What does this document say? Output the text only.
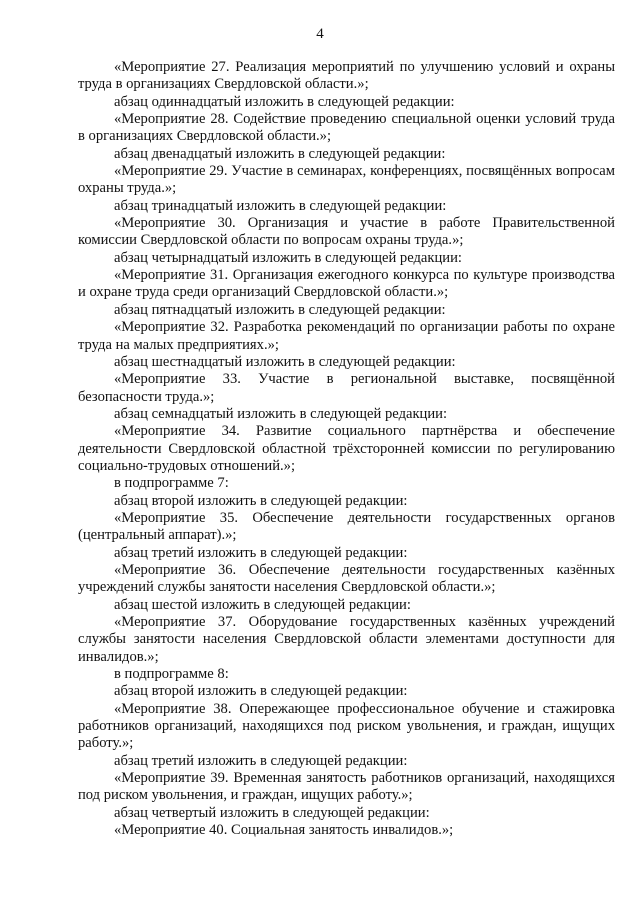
4

«Мероприятие 27. Реализация мероприятий по улучшению условий и охраны труда в организациях Свердловской области.»;

абзац одиннадцатый изложить в следующей редакции:

«Мероприятие 28. Содействие проведению специальной оценки условий труда в организациях Свердловской области.»;

абзац двенадцатый изложить в следующей редакции:

«Мероприятие 29. Участие в семинарах, конференциях, посвящённых вопросам охраны труда.»;

абзац тринадцатый изложить в следующей редакции:

«Мероприятие 30. Организация и участие в работе Правительственной комиссии Свердловской области по вопросам охраны труда.»;

абзац четырнадцатый изложить в следующей редакции:

«Мероприятие 31. Организация ежегодного конкурса по культуре производства и охране труда среди организаций Свердловской области.»;

абзац пятнадцатый изложить в следующей редакции:

«Мероприятие 32. Разработка рекомендаций по организации работы по охране труда на малых предприятиях.»;

абзац шестнадцатый изложить в следующей редакции:

«Мероприятие 33. Участие в региональной выставке, посвящённой безопасности труда.»;

абзац семнадцатый изложить в следующей редакции:

«Мероприятие 34. Развитие социального партнёрства и обеспечение деятельности Свердловской областной трёхсторонней комиссии по регулированию социально-трудовых отношений.»;

в подпрограмме 7:

абзац второй изложить в следующей редакции:

«Мероприятие 35. Обеспечение деятельности государственных органов (центральный аппарат).»;

абзац третий изложить в следующей редакции:

«Мероприятие 36. Обеспечение деятельности государственных казённых учреждений службы занятости населения Свердловской области.»;

абзац шестой изложить в следующей редакции:

«Мероприятие 37. Оборудование государственных казённых учреждений службы занятости населения Свердловской области элементами доступности для инвалидов.»;

в подпрограмме 8:

абзац второй изложить в следующей редакции:

«Мероприятие 38. Опережающее профессиональное обучение и стажировка работников организаций, находящихся под риском увольнения, и граждан, ищущих работу.»;

абзац третий изложить в следующей редакции:

«Мероприятие 39. Временная занятость работников организаций, находящихся под риском увольнения, и граждан, ищущих работу.»;

абзац четвертый изложить в следующей редакции:

«Мероприятие 40. Социальная занятость инвалидов.»;
